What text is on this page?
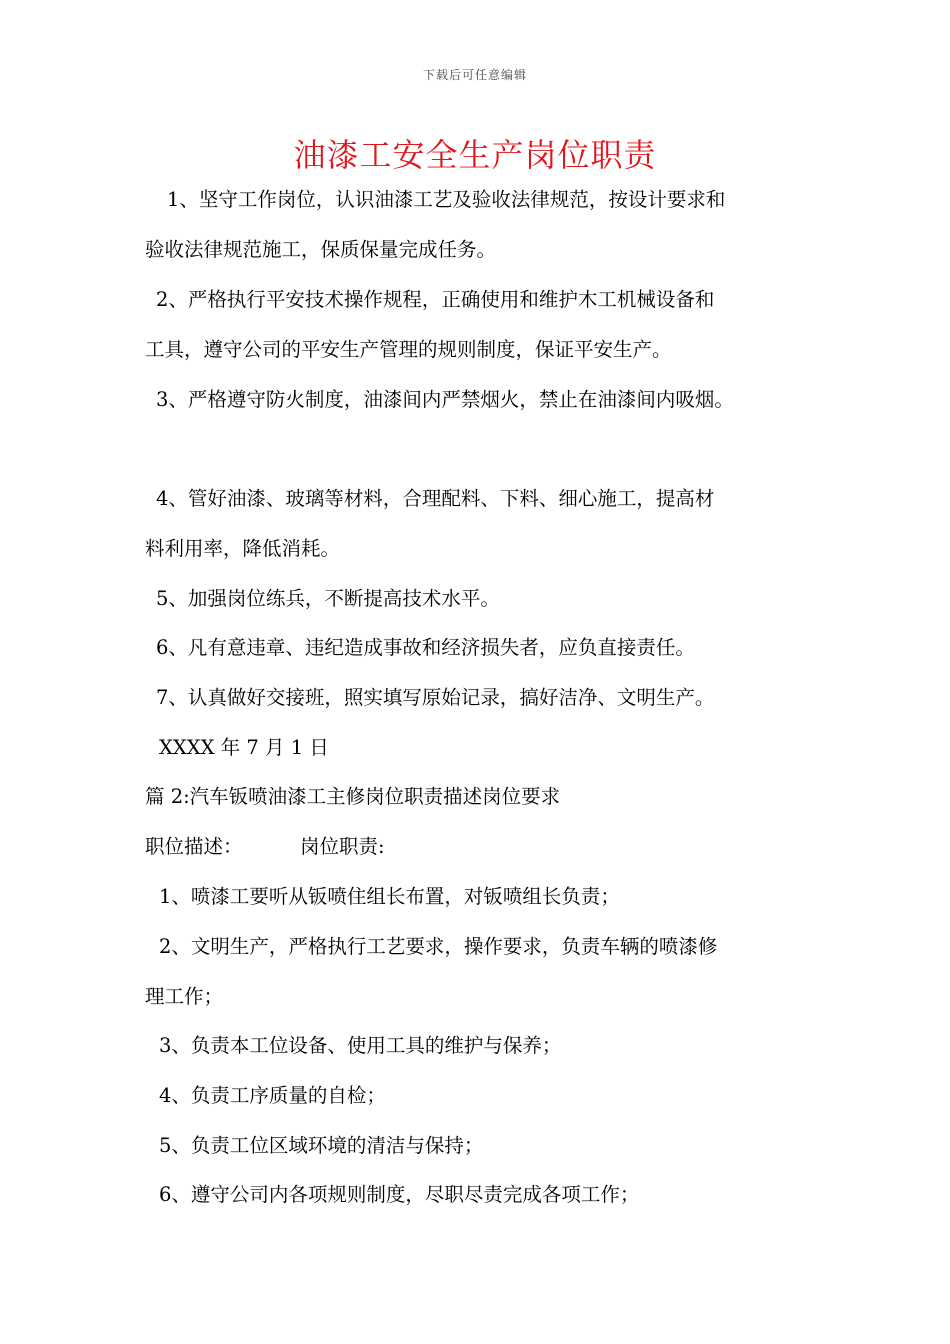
下载后可任意编辑
油漆工安全生产岗位职责
1、坚守工作岗位，认识油漆工艺及验收法律规范，按设计要求和
验收法律规范施工，保质保量完成任务。
2、严格执行平安技术操作规程，正确使用和维护木工机械设备和
工具，遵守公司的平安生产管理的规则制度，保证平安生产。
3、严格遵守防火制度，油漆间内严禁烟火，禁止在油漆间内吸烟。
4、管好油漆、玻璃等材料，合理配料、下料、细心施工，提高材
料利用率，降低消耗。
5、加强岗位练兵，不断提高技术水平。
6、凡有意违章、违纪造成事故和经济损失者，应负直接责任。
7、认真做好交接班，照实填写原始记录，搞好洁净、文明生产。
XXXX 年 7 月 1 日
篇 2:汽车钣喷油漆工主修岗位职责描述岗位要求
职位描述：	岗位职责:
1、喷漆工要听从钣喷住组长布置，对钣喷组长负责；
2、文明生产，严格执行工艺要求，操作要求，负责车辆的喷漆修
理工作；
3、负责本工位设备、使用工具的维护与保养；
4、负责工序质量的自检；
5、负责工位区域环境的清洁与保持；
6、遵守公司内各项规则制度，尽职尽责完成各项工作；
